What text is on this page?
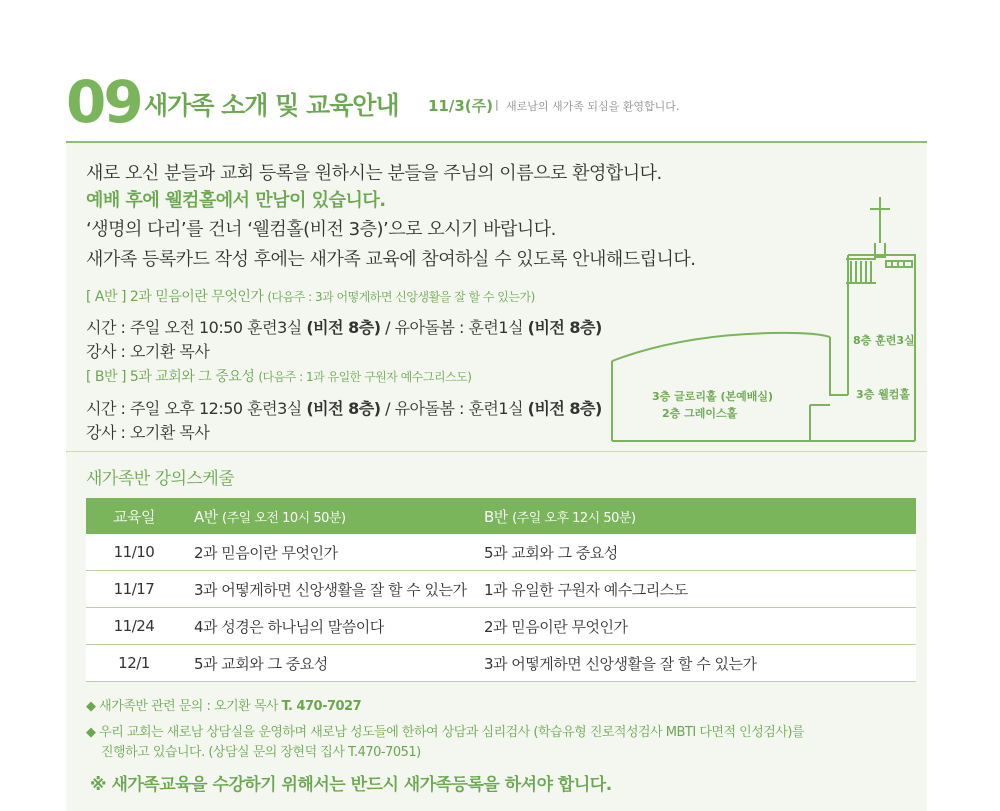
09 새가족 소개 및 교육안내 11/3(주) | 새로남의 새가족 되심을 환영합니다.
새로 오신 분들과 교회 등록을 원하시는 분들을 주님의 이름으로 환영합니다.
예배 후에 웰컴홀에서 만남이 있습니다.
‘생명의 다리’를 건너 ‘웰컴홀(비전 3층)’으로 오시기 바랍니다.
새가족 등록카드 작성 후에는 새가족 교육에 참여하실 수 있도록 안내해드립니다.
[ A반 ] 2과 믿음이란 무엇인가 (다음주 : 3과 어떻게하면 신앙생활을 잘 할 수 있는가)
시간 : 주일 오전 10:50 훈련3실 (비전 8층) / 유아돌봄 : 훈련1실 (비전 8층)
강사 : 오기환 목사
[ B반 ] 5과 교회와 그 중요성 (다음주 : 1과 유일한 구원자 예수그리스도)
시간 : 주일 오후 12:50 훈련3실 (비전 8층) / 유아돌봄 : 훈련1실 (비전 8층)
강사 : 오기환 목사
8층 훈련3실
3층 웰컴홀
3층 글로리홀 (본예배실)
2층 그레이스홀
새가족반 강의스케줄
교육일	A반 (주일 오전 10시 50분)	B반 (주일 오후 12시 50분)
11/10	2과 믿음이란 무엇인가	5과 교회와 그 중요성
11/17	3과 어떻게하면 신앙생활을 잘 할 수 있는가	1과 유일한 구원자 예수그리스도
11/24	4과 성경은 하나님의 말씀이다	2과 믿음이란 무엇인가
12/1	5과 교회와 그 중요성	3과 어떻게하면 신앙생활을 잘 할 수 있는가
◆ 새가족반 관련 문의 : 오기환 목사 T. 470-7027
◆ 우리 교회는 새로남 상담실을 운영하며 새로남 성도들에 한하여 상담과 심리검사 (학습유형 진로적성검사 MBTI 다면적 인성검사)를
진행하고 있습니다. (상담실 문의 장현덕 집사 T.470-7051)
※ 새가족교육을 수강하기 위해서는 반드시 새가족등록을 하셔야 합니다.
